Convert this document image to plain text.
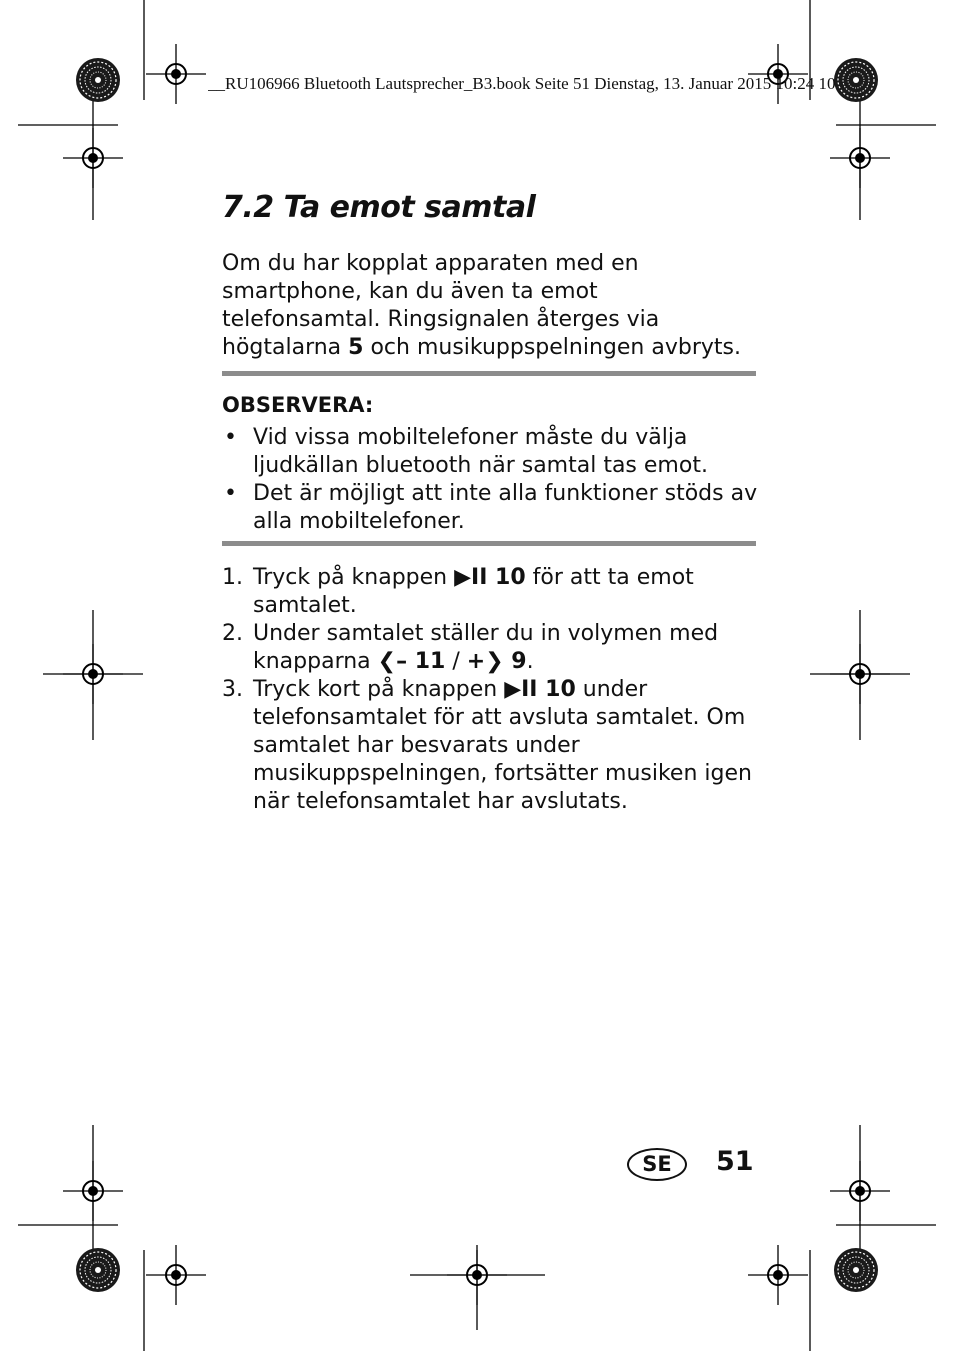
__RU106966 Bluetooth Lautsprecher_B3.book Seite 51 Dienstag, 13. Januar 2015 10:24 10
7.2 Ta emot samtal

Om du har kopplat apparaten med en smartphone, kan du även ta emot telefonsamtal. Ringsignalen återges via högtalarna 5 och musikuppspelningen avbryts.

OBSERVERA:

• Vid vissa mobiltelefoner måste du välja ljudkällan bluetooth när samtal tas emot.
• Det är möjligt att inte alla funktioner stöds av alla mobiltelefoner.
1. Tryck på knappen ▶II 10 för att ta emot samtalet.
2. Under samtalet ställer du in volymen med knapparna ❮– 11 / +❯ 9.
3. Tryck kort på knappen ▶II 10 under telefonsamtalet för att avsluta samtalet. Om samtalet har besvarats under musikuppspelningen, fortsätter musiken igen när telefonsamtalet har avslutats.
SE	51
